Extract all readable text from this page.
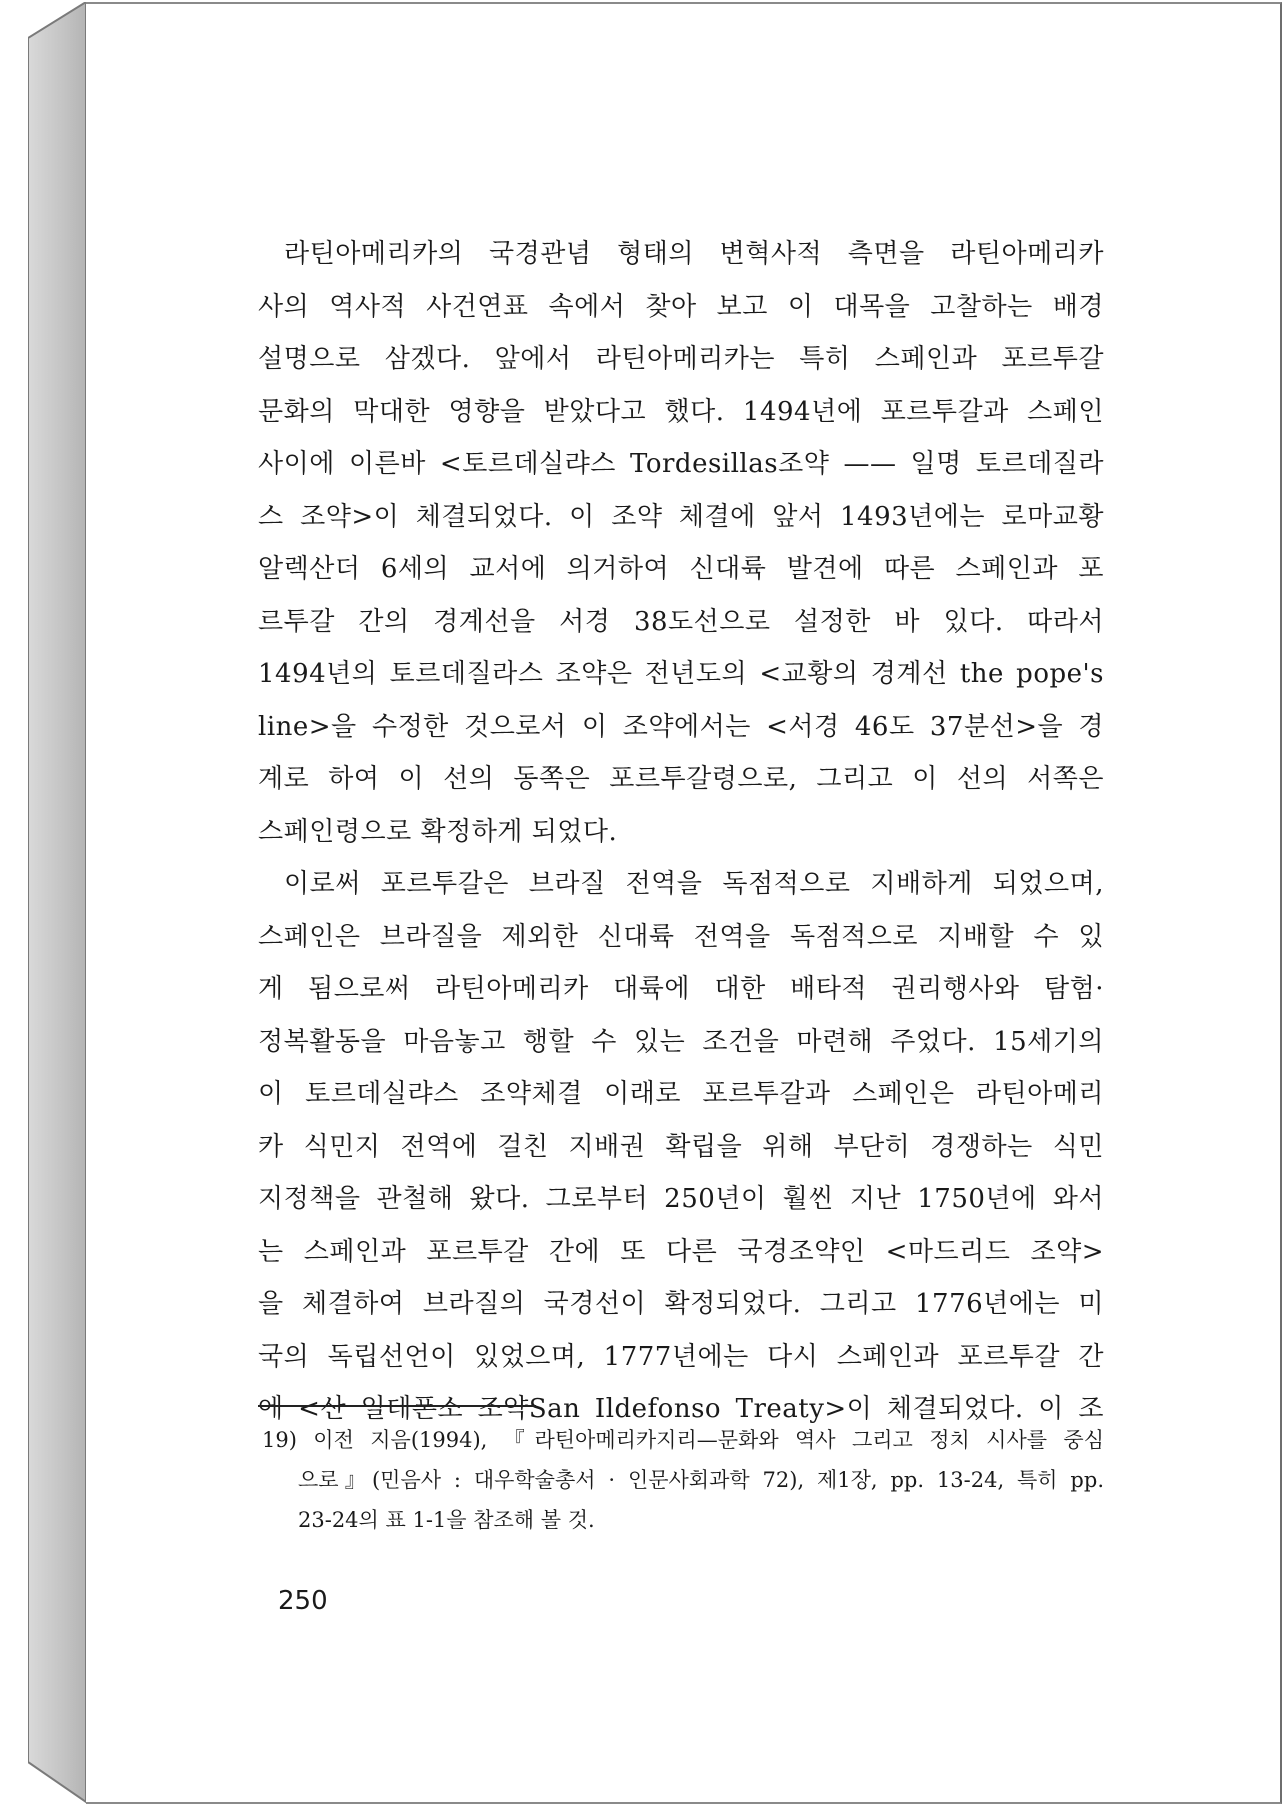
라틴아메리카의 국경관념 형태의 변혁사적 측면을 라틴아메리카
사의 역사적 사건연표 속에서 찾아 보고 이 대목을 고찰하는 배경
설명으로 삼겠다. 앞에서 라틴아메리카는 특히 스페인과 포르투갈
문화의 막대한 영향을 받았다고 했다. 1494년에 포르투갈과 스페인
사이에 이른바 <토르데실랴스 Tordesillas조약 —— 일명 토르데질라
스 조약>이 체결되었다. 이 조약 체결에 앞서 1493년에는 로마교황
알렉산더 6세의 교서에 의거하여 신대륙 발견에 따른 스페인과 포
르투갈 간의 경계선을 서경 38도선으로 설정한 바 있다. 따라서
1494년의 토르데질라스 조약은 전년도의 <교황의 경계선 the pope's
line>을 수정한 것으로서 이 조약에서는 <서경 46도 37분선>을 경
계로 하여 이 선의 동쪽은 포르투갈령으로, 그리고 이 선의 서쪽은
스페인령으로 확정하게 되었다.
이로써 포르투갈은 브라질 전역을 독점적으로 지배하게 되었으며,
스페인은 브라질을 제외한 신대륙 전역을 독점적으로 지배할 수 있
게 됨으로써 라틴아메리카 대륙에 대한 배타적 권리행사와 탐험·
정복활동을 마음놓고 행할 수 있는 조건을 마련해 주었다. 15세기의
이 토르데실랴스 조약체결 이래로 포르투갈과 스페인은 라틴아메리
카 식민지 전역에 걸친 지배권 확립을 위해 부단히 경쟁하는 식민
지정책을 관철해 왔다. 그로부터 250년이 훨씬 지난 1750년에 와서
는 스페인과 포르투갈 간에 또 다른 국경조약인 <마드리드 조약>
을 체결하여 브라질의 국경선이 확정되었다. 그리고 1776년에는 미
국의 독립선언이 있었으며, 1777년에는 다시 스페인과 포르투갈 간
에 <산 일데폰소 조약San Ildefonso Treaty>이 체결되었다. 이 조
19) 이전 지음(1994), 『라틴아메리카지리—문화와 역사 그리고 정치 시사를 중심
으로』(민음사 : 대우학술총서 · 인문사회과학 72), 제1장, pp. 13-24, 특히 pp.
23-24의 표 1-1을 참조해 볼 것.
250
